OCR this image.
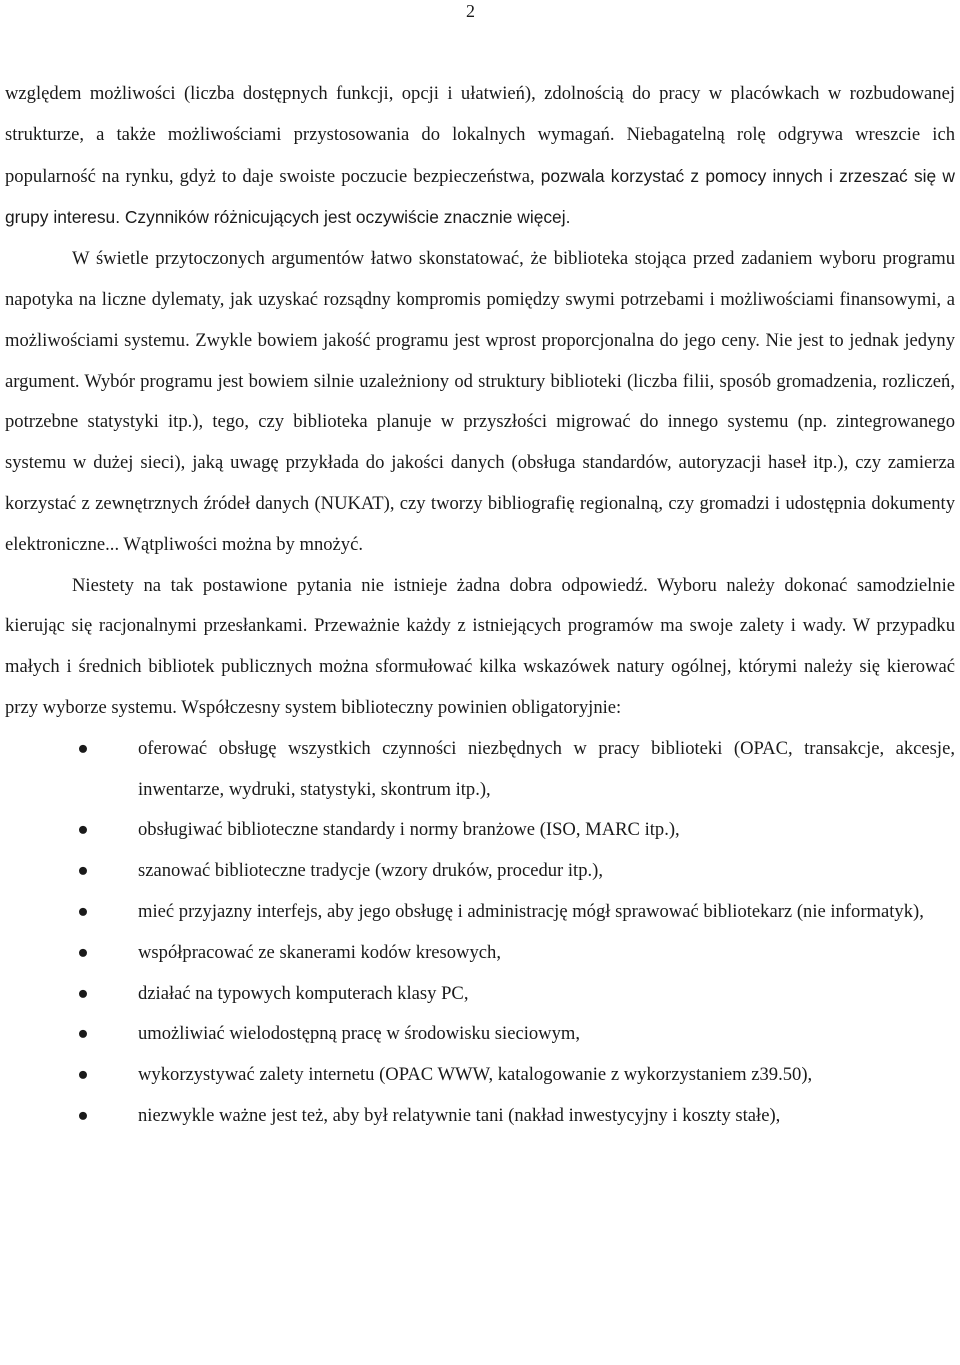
2

względem możliwości (liczba dostępnych funkcji, opcji i ułatwień), zdolnością do pracy w placówkach w rozbudowanej strukturze, a także możliwościami przystosowania do lokalnych wymagań. Niebagatelną rolę odgrywa wreszcie ich popularność na rynku, gdyż to daje swoiste poczucie bezpieczeństwa, pozwala korzystać z pomocy innych i zrzeszać się w grupy interesu. Czynników różnicujących jest oczywiście znacznie więcej.

W świetle przytoczonych argumentów łatwo skonstatować, że biblioteka stojąca przed zadaniem wyboru programu napotyka na liczne dylematy, jak uzyskać rozsądny kompromis pomiędzy swymi potrzebami i możliwościami finansowymi, a możliwościami systemu. Zwykle bowiem jakość programu jest wprost proporcjonalna do jego ceny. Nie jest to jednak jedyny argument. Wybór programu jest bowiem silnie uzależniony od struktury biblioteki (liczba filii, sposób gromadzenia, rozliczeń, potrzebne statystyki itp.), tego, czy biblioteka planuje w przyszłości migrować do innego systemu (np. zintegrowanego systemu w dużej sieci), jaką uwagę przykłada do jakości danych (obsługa standardów, autoryzacji haseł itp.), czy zamierza korzystać z zewnętrznych źródeł danych (NUKAT), czy tworzy bibliografię regionalną, czy gromadzi i udostępnia dokumenty elektroniczne... Wątpliwości można by mnożyć.

Niestety na tak postawione pytania nie istnieje żadna dobra odpowiedź. Wyboru należy dokonać samodzielnie kierując się racjonalnymi przesłankami. Przeważnie każdy z istniejących programów ma swoje zalety i wady. W przypadku małych i średnich bibliotek publicznych można sformułować kilka wskazówek natury ogólnej, którymi należy się kierować przy wyborze systemu. Współczesny system biblioteczny powinien obligatoryjnie:

●	oferować obsługę wszystkich czynności niezbędnych w pracy biblioteki (OPAC, transakcje, akcesje, inwentarze, wydruki, statystyki, skontrum itp.),
●	obsługiwać biblioteczne standardy i normy branżowe (ISO, MARC itp.),
●	szanować biblioteczne tradycje (wzory druków, procedur itp.),
●	mieć przyjazny interfejs, aby jego obsługę i administrację mógł sprawować bibliotekarz (nie informatyk),
●	współpracować ze skanerami kodów kresowych,
●	działać na typowych komputerach klasy PC,
●	umożliwiać wielodostępną pracę w środowisku sieciowym,
●	wykorzystywać zalety internetu (OPAC WWW, katalogowanie z wykorzystaniem z39.50),
●	niezwykle ważne jest też, aby był relatywnie tani (nakład inwestycyjny i koszty stałe),
